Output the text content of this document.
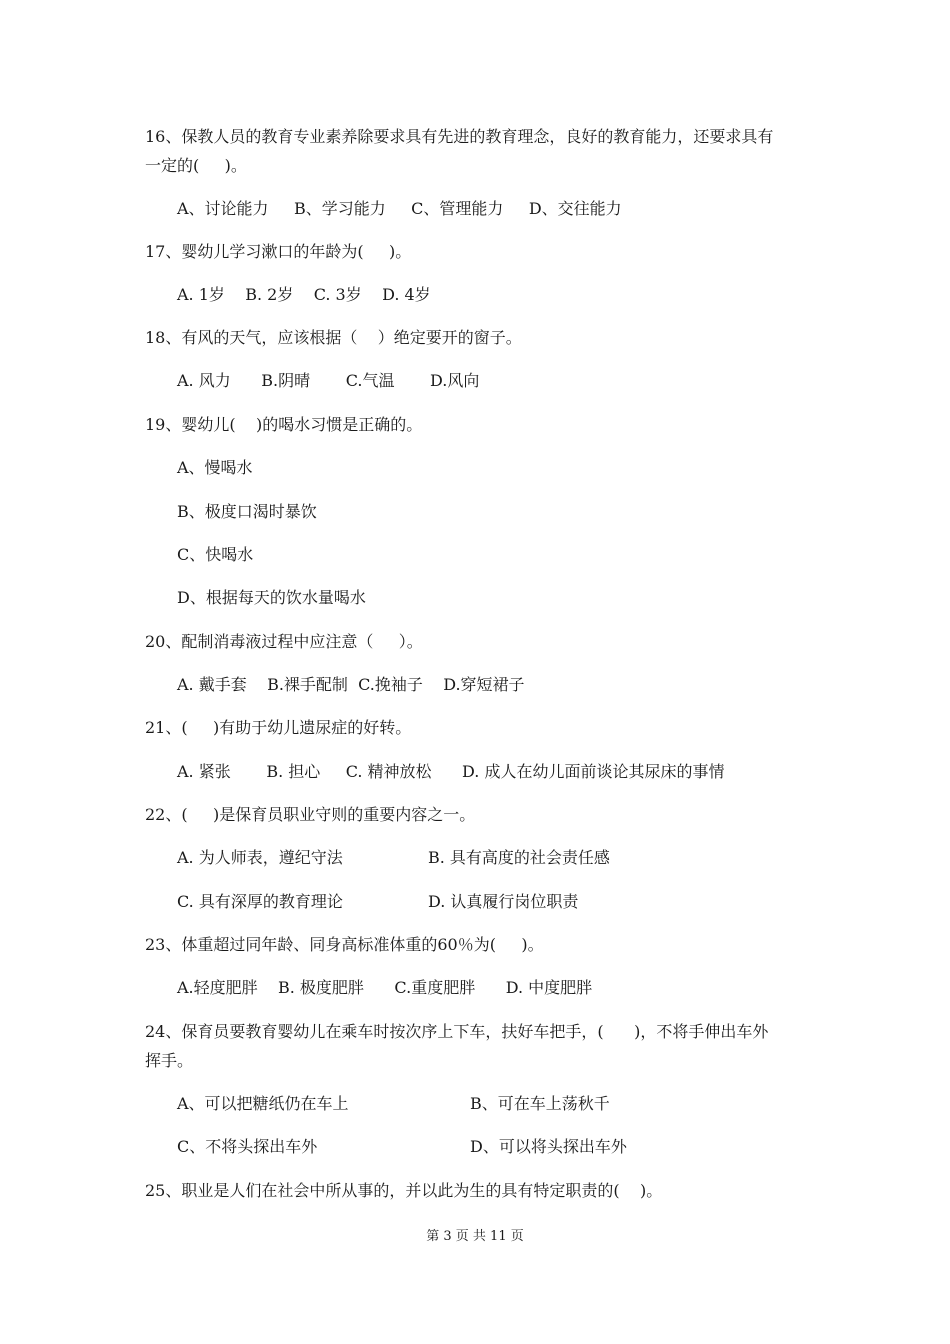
16、保教人员的教育专业素养除要求具有先进的教育理念，良好的教育能力，还要求具有
一定的(     )。
A、讨论能力     B、学习能力     C、管理能力     D、交往能力
17、婴幼儿学习漱口的年龄为(     )。
A. 1岁    B. 2岁    C. 3岁    D. 4岁
18、有风的天气，应该根据（    ）绝定要开的窗子。
A. 风力      B.阴晴       C.气温       D.风向
19、婴幼儿(    )的喝水习惯是正确的。
A、慢喝水
B、极度口渴时暴饮
C、快喝水
D、根据每天的饮水量喝水
20、配制消毒液过程中应注意（     ）。
A. 戴手套    B.裸手配制  C.挽袖子    D.穿短裙子
21、(     )有助于幼儿遗尿症的好转。
A. 紧张       B. 担心     C. 精神放松      D. 成人在幼儿面前谈论其尿床的事情
22、(     )是保育员职业守则的重要内容之一。
A. 为人师表，遵纪守法	B. 具有高度的社会责任感
C. 具有深厚的教育理论	D. 认真履行岗位职责
23、体重超过同年龄、同身高标准体重的60％为(     )。
A.轻度肥胖    B. 极度肥胖      C.重度肥胖      D. 中度肥胖
24、保育员要教育婴幼儿在乘车时按次序上下车，扶好车把手，(      )，不将手伸出车外
挥手。
A、可以把糖纸仍在车上	B、可在车上荡秋千
C、不将头探出车外	D、可以将头探出车外
25、职业是人们在社会中所从事的，并以此为生的具有特定职责的(    )。
第 3 页 共 11 页
